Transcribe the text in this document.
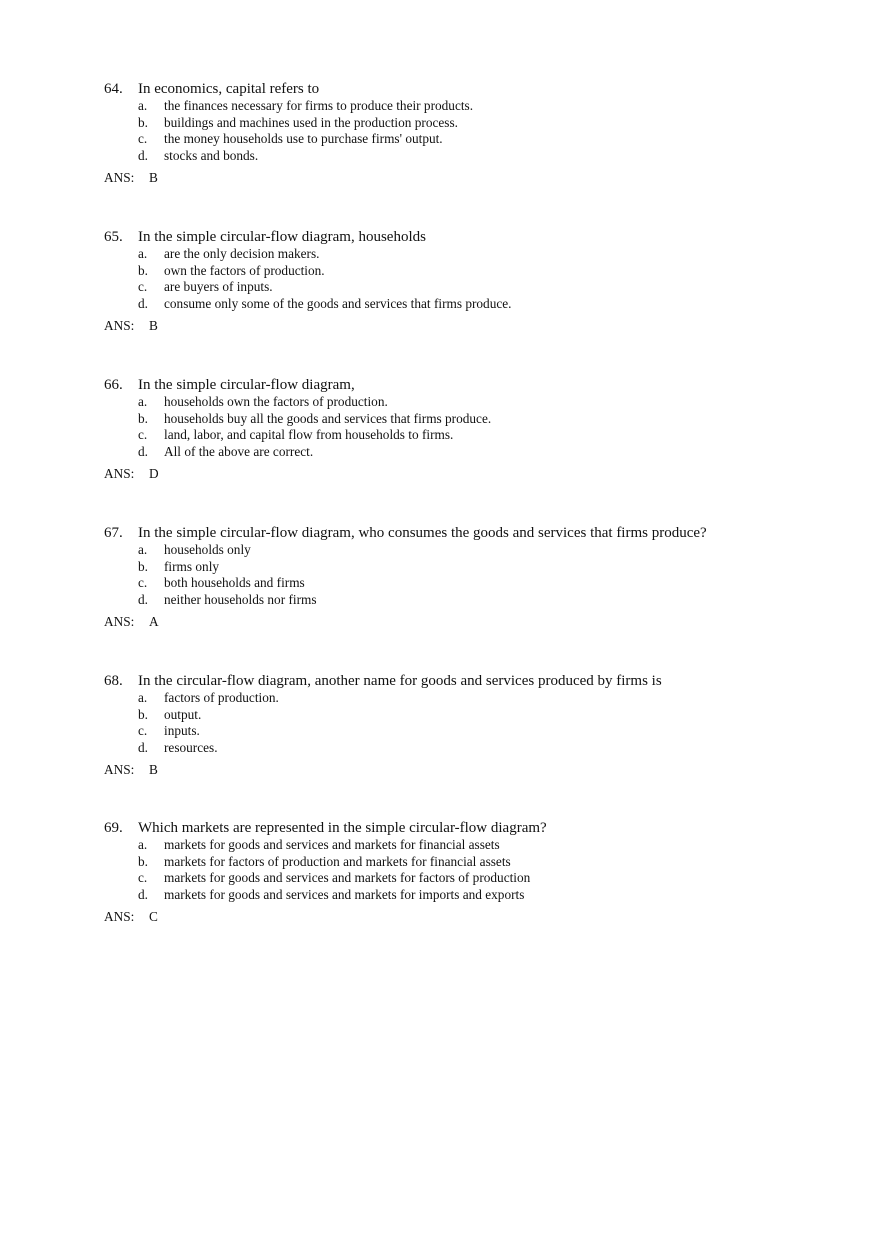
64.	In economics, capital refers to
a.	the finances necessary for firms to produce their products.
b.	buildings and machines used in the production process.
c.	the money households use to purchase firms' output.
d.	stocks and bonds.
ANS:	B
65.	In the simple circular-flow diagram, households
a.	are the only decision makers.
b.	own the factors of production.
c.	are buyers of inputs.
d.	consume only some of the goods and services that firms produce.
ANS:	B
66.	In the simple circular-flow diagram,
a.	households own the factors of production.
b.	households buy all the goods and services that firms produce.
c.	land, labor, and capital flow from households to firms.
d.	All of the above are correct.
ANS:	D
67.	In the simple circular-flow diagram, who consumes the goods and services that firms produce?
a.	households only
b.	firms only
c.	both households and firms
d.	neither households nor firms
ANS:	A
68.	In the circular-flow diagram, another name for goods and services produced by firms is
a.	factors of production.
b.	output.
c.	inputs.
d.	resources.
ANS:	B
69.	Which markets are represented in the simple circular-flow diagram?
a.	markets for goods and services and markets for financial assets
b.	markets for factors of production and markets for financial assets
c.	markets for goods and services and markets for factors of production
d.	markets for goods and services and markets for imports and exports
ANS:	C
